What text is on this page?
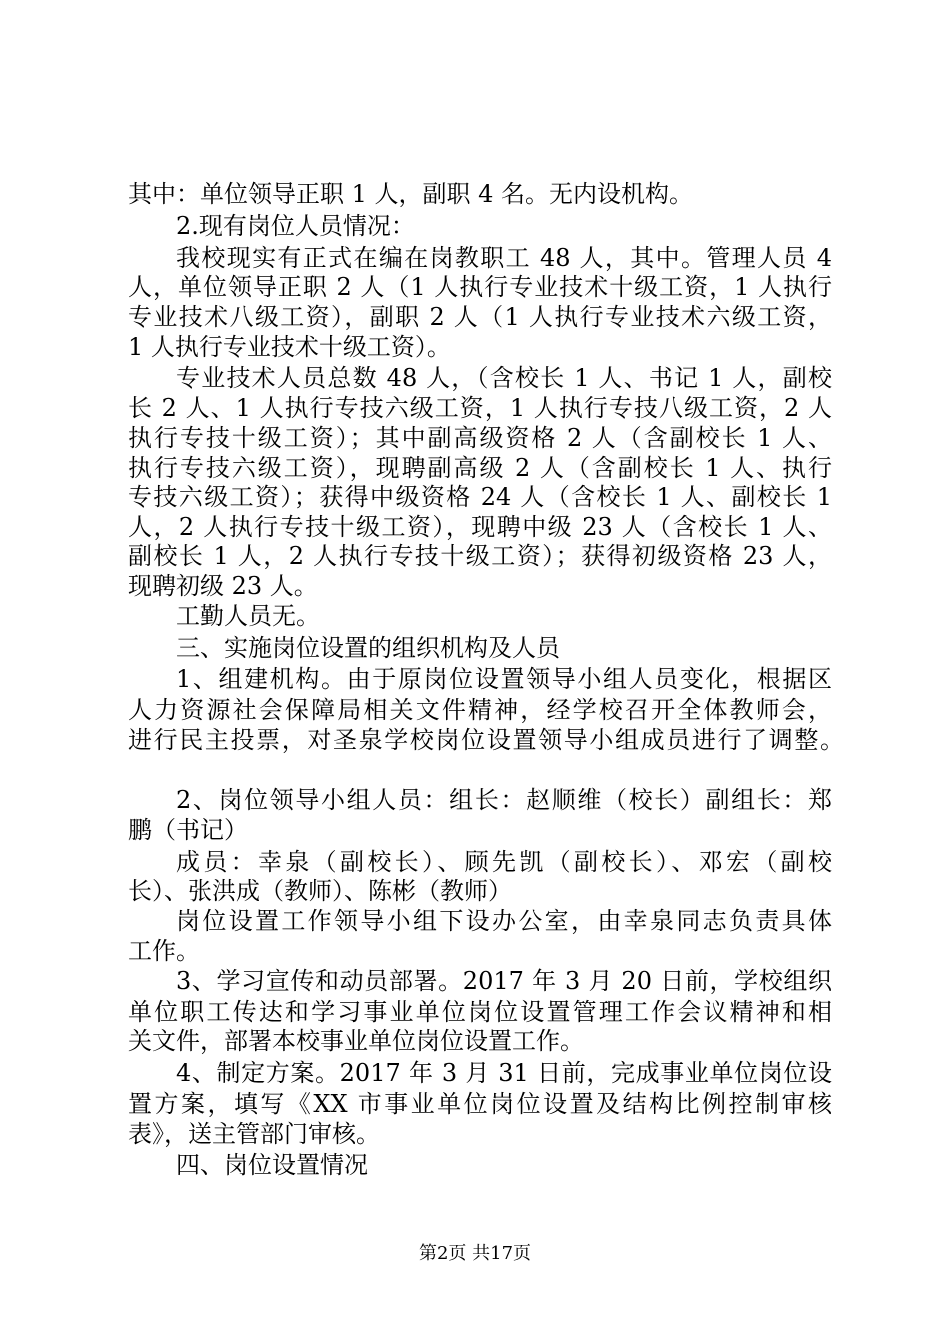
其中：单位领导正职 1 人，副职 4 名。无内设机构。
2.现有岗位人员情况：
我校现实有正式在编在岗教职工 48 人，其中。管理人员 4
人，单位领导正职 2 人（1 人执行专业技术十级工资，1 人执行
专业技术八级工资），副职 2 人（1 人执行专业技术六级工资，
1 人执行专业技术十级工资）。
专业技术人员总数 48 人，（含校长 1 人、书记 1 人，副校
长 2 人、1 人执行专技六级工资，1 人执行专技八级工资，2 人
执行专技十级工资）；其中副高级资格 2 人（含副校长 1 人、
执行专技六级工资），现聘副高级 2 人（含副校长 1 人、执行
专技六级工资）；获得中级资格 24 人（含校长 1 人、副校长 1
人，2 人执行专技十级工资），现聘中级 23 人（含校长 1 人、
副校长 1 人，2 人执行专技十级工资）；获得初级资格 23 人，
现聘初级 23 人。
工勤人员无。
三、实施岗位设置的组织机构及人员
1、组建机构。由于原岗位设置领导小组人员变化，根据区
人力资源社会保障局相关文件精神，经学校召开全体教师会，
进行民主投票，对圣泉学校岗位设置领导小组成员进行了调整。
2、岗位领导小组人员：组长：赵顺维（校长）副组长：郑
鹏（书记）
成员：幸泉（副校长）、顾先凯（副校长）、邓宏（副校
长）、张洪成（教师）、陈彬（教师）
岗位设置工作领导小组下设办公室，由幸泉同志负责具体
工作。
3、学习宣传和动员部署。2017 年 3 月 20 日前，学校组织
单位职工传达和学习事业单位岗位设置管理工作会议精神和相
关文件，部署本校事业单位岗位设置工作。
4、制定方案。2017 年 3 月 31 日前，完成事业单位岗位设
置方案，填写《XX 市事业单位岗位设置及结构比例控制审核
表》，送主管部门审核。
四、岗位设置情况
第2页 共17页
